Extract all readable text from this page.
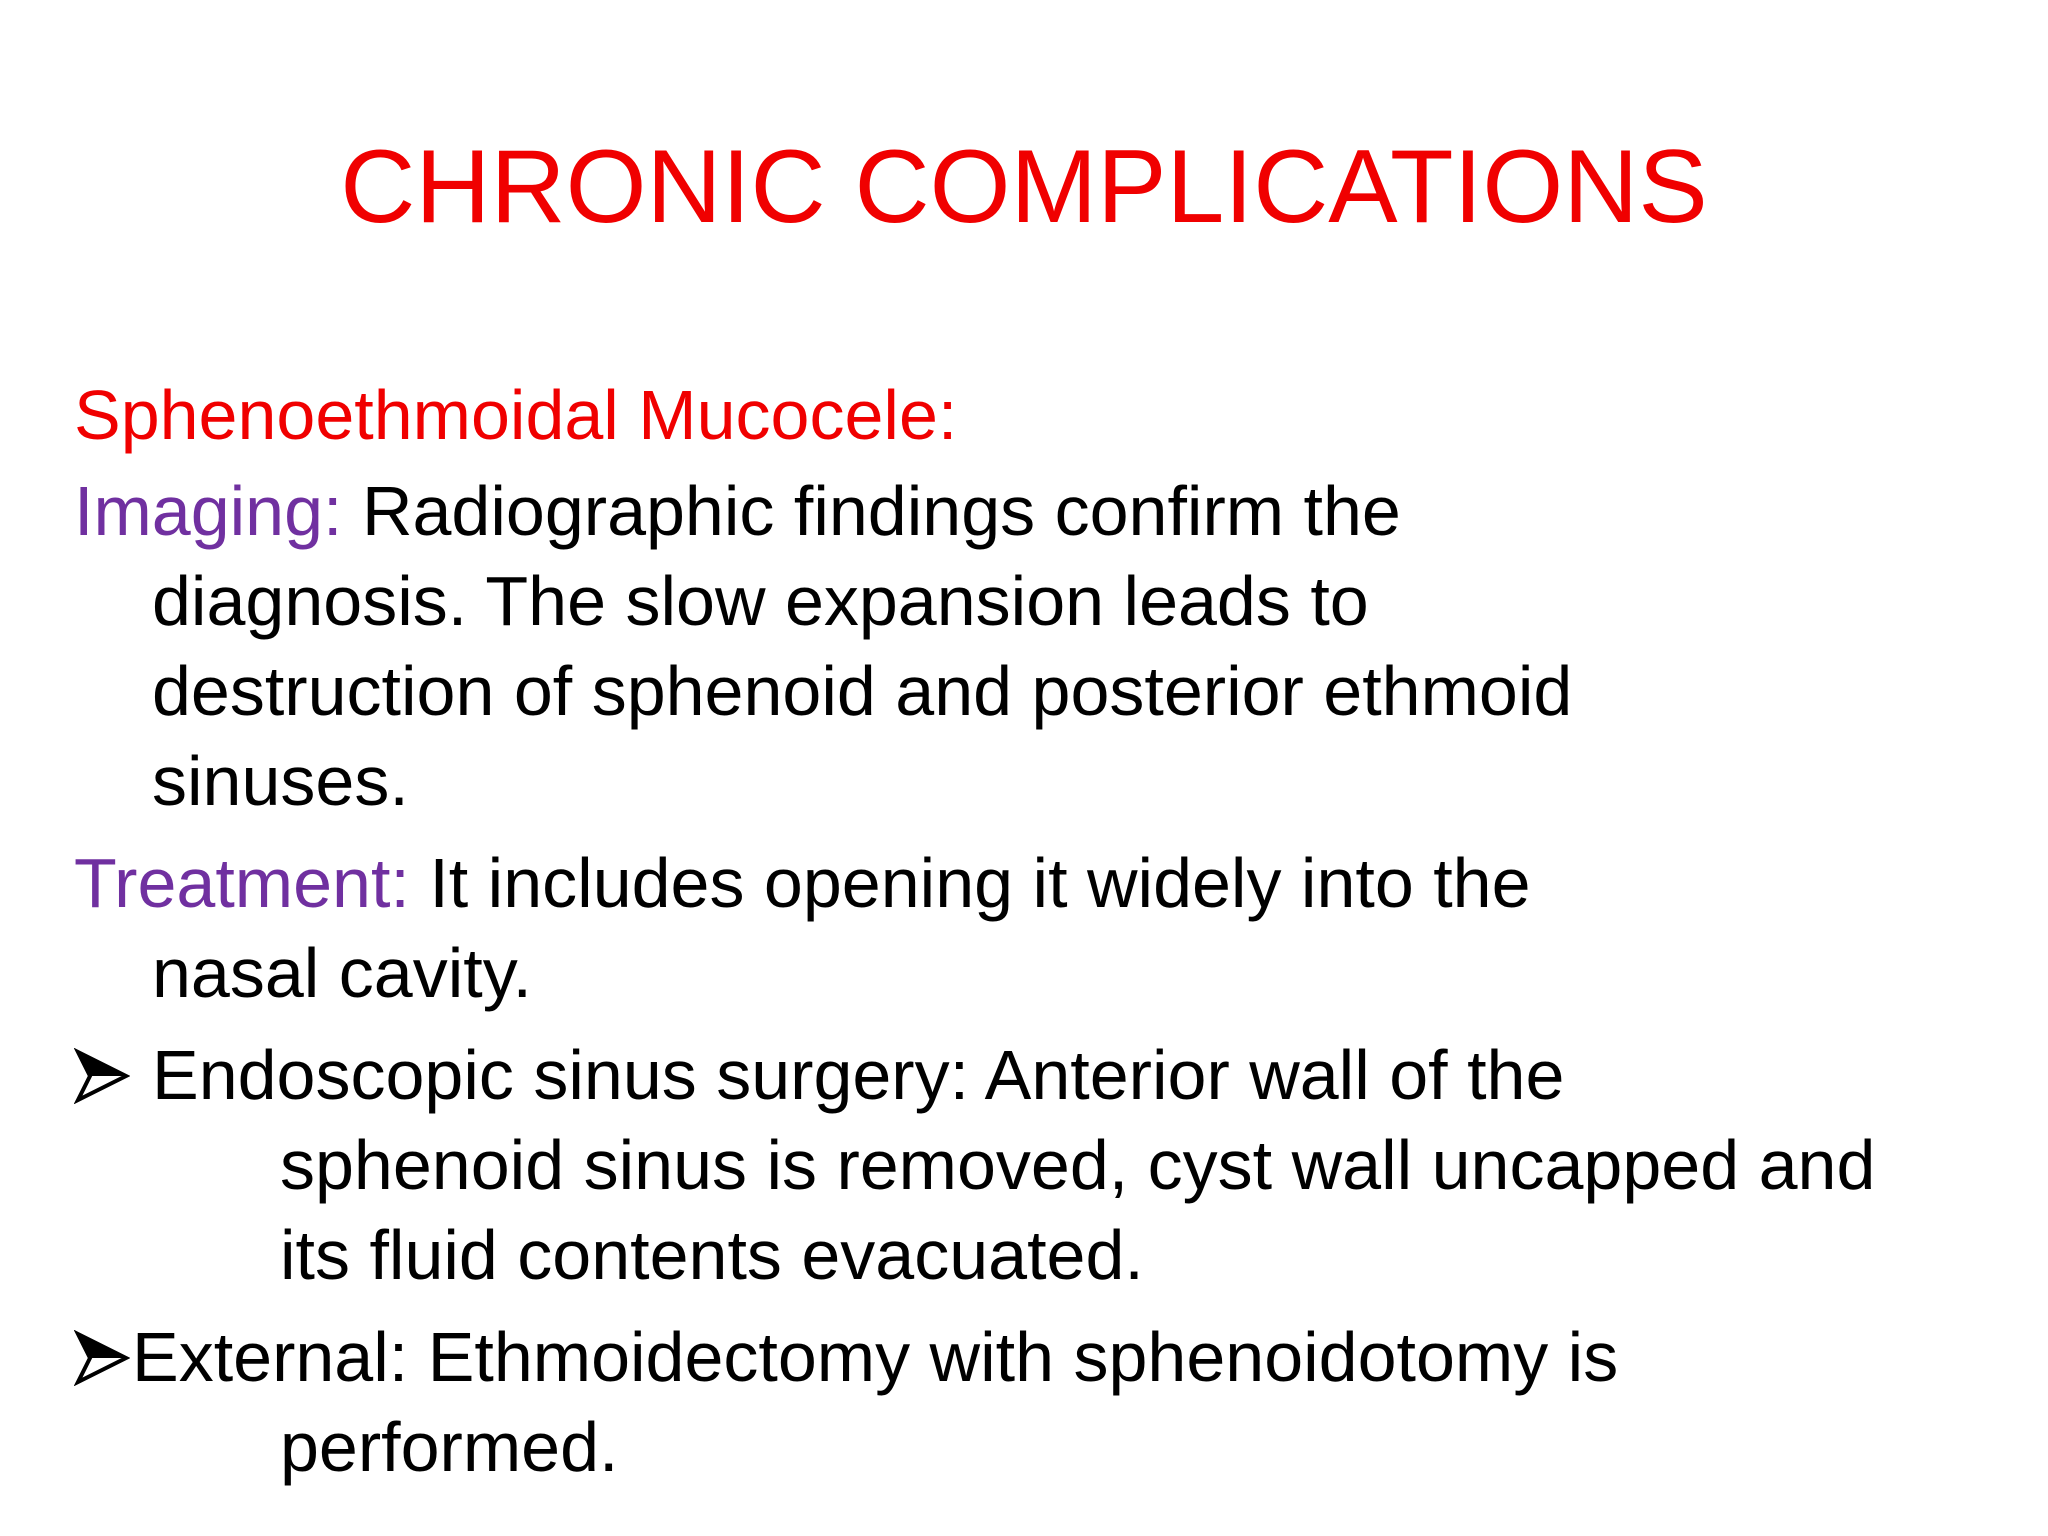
CHRONIC COMPLICATIONS
Sphenoethmoidal Mucocele:
Imaging: Radiographic findings confirm the diagnosis. The slow expansion leads to destruction of sphenoid and posterior ethmoid sinuses.
Treatment: It includes opening it widely into the nasal cavity.
Endoscopic sinus surgery: Anterior wall of the
sphenoid sinus is removed, cyst wall uncapped and its fluid contents evacuated.
External: Ethmoidectomy with sphenoidotomy is
performed.
